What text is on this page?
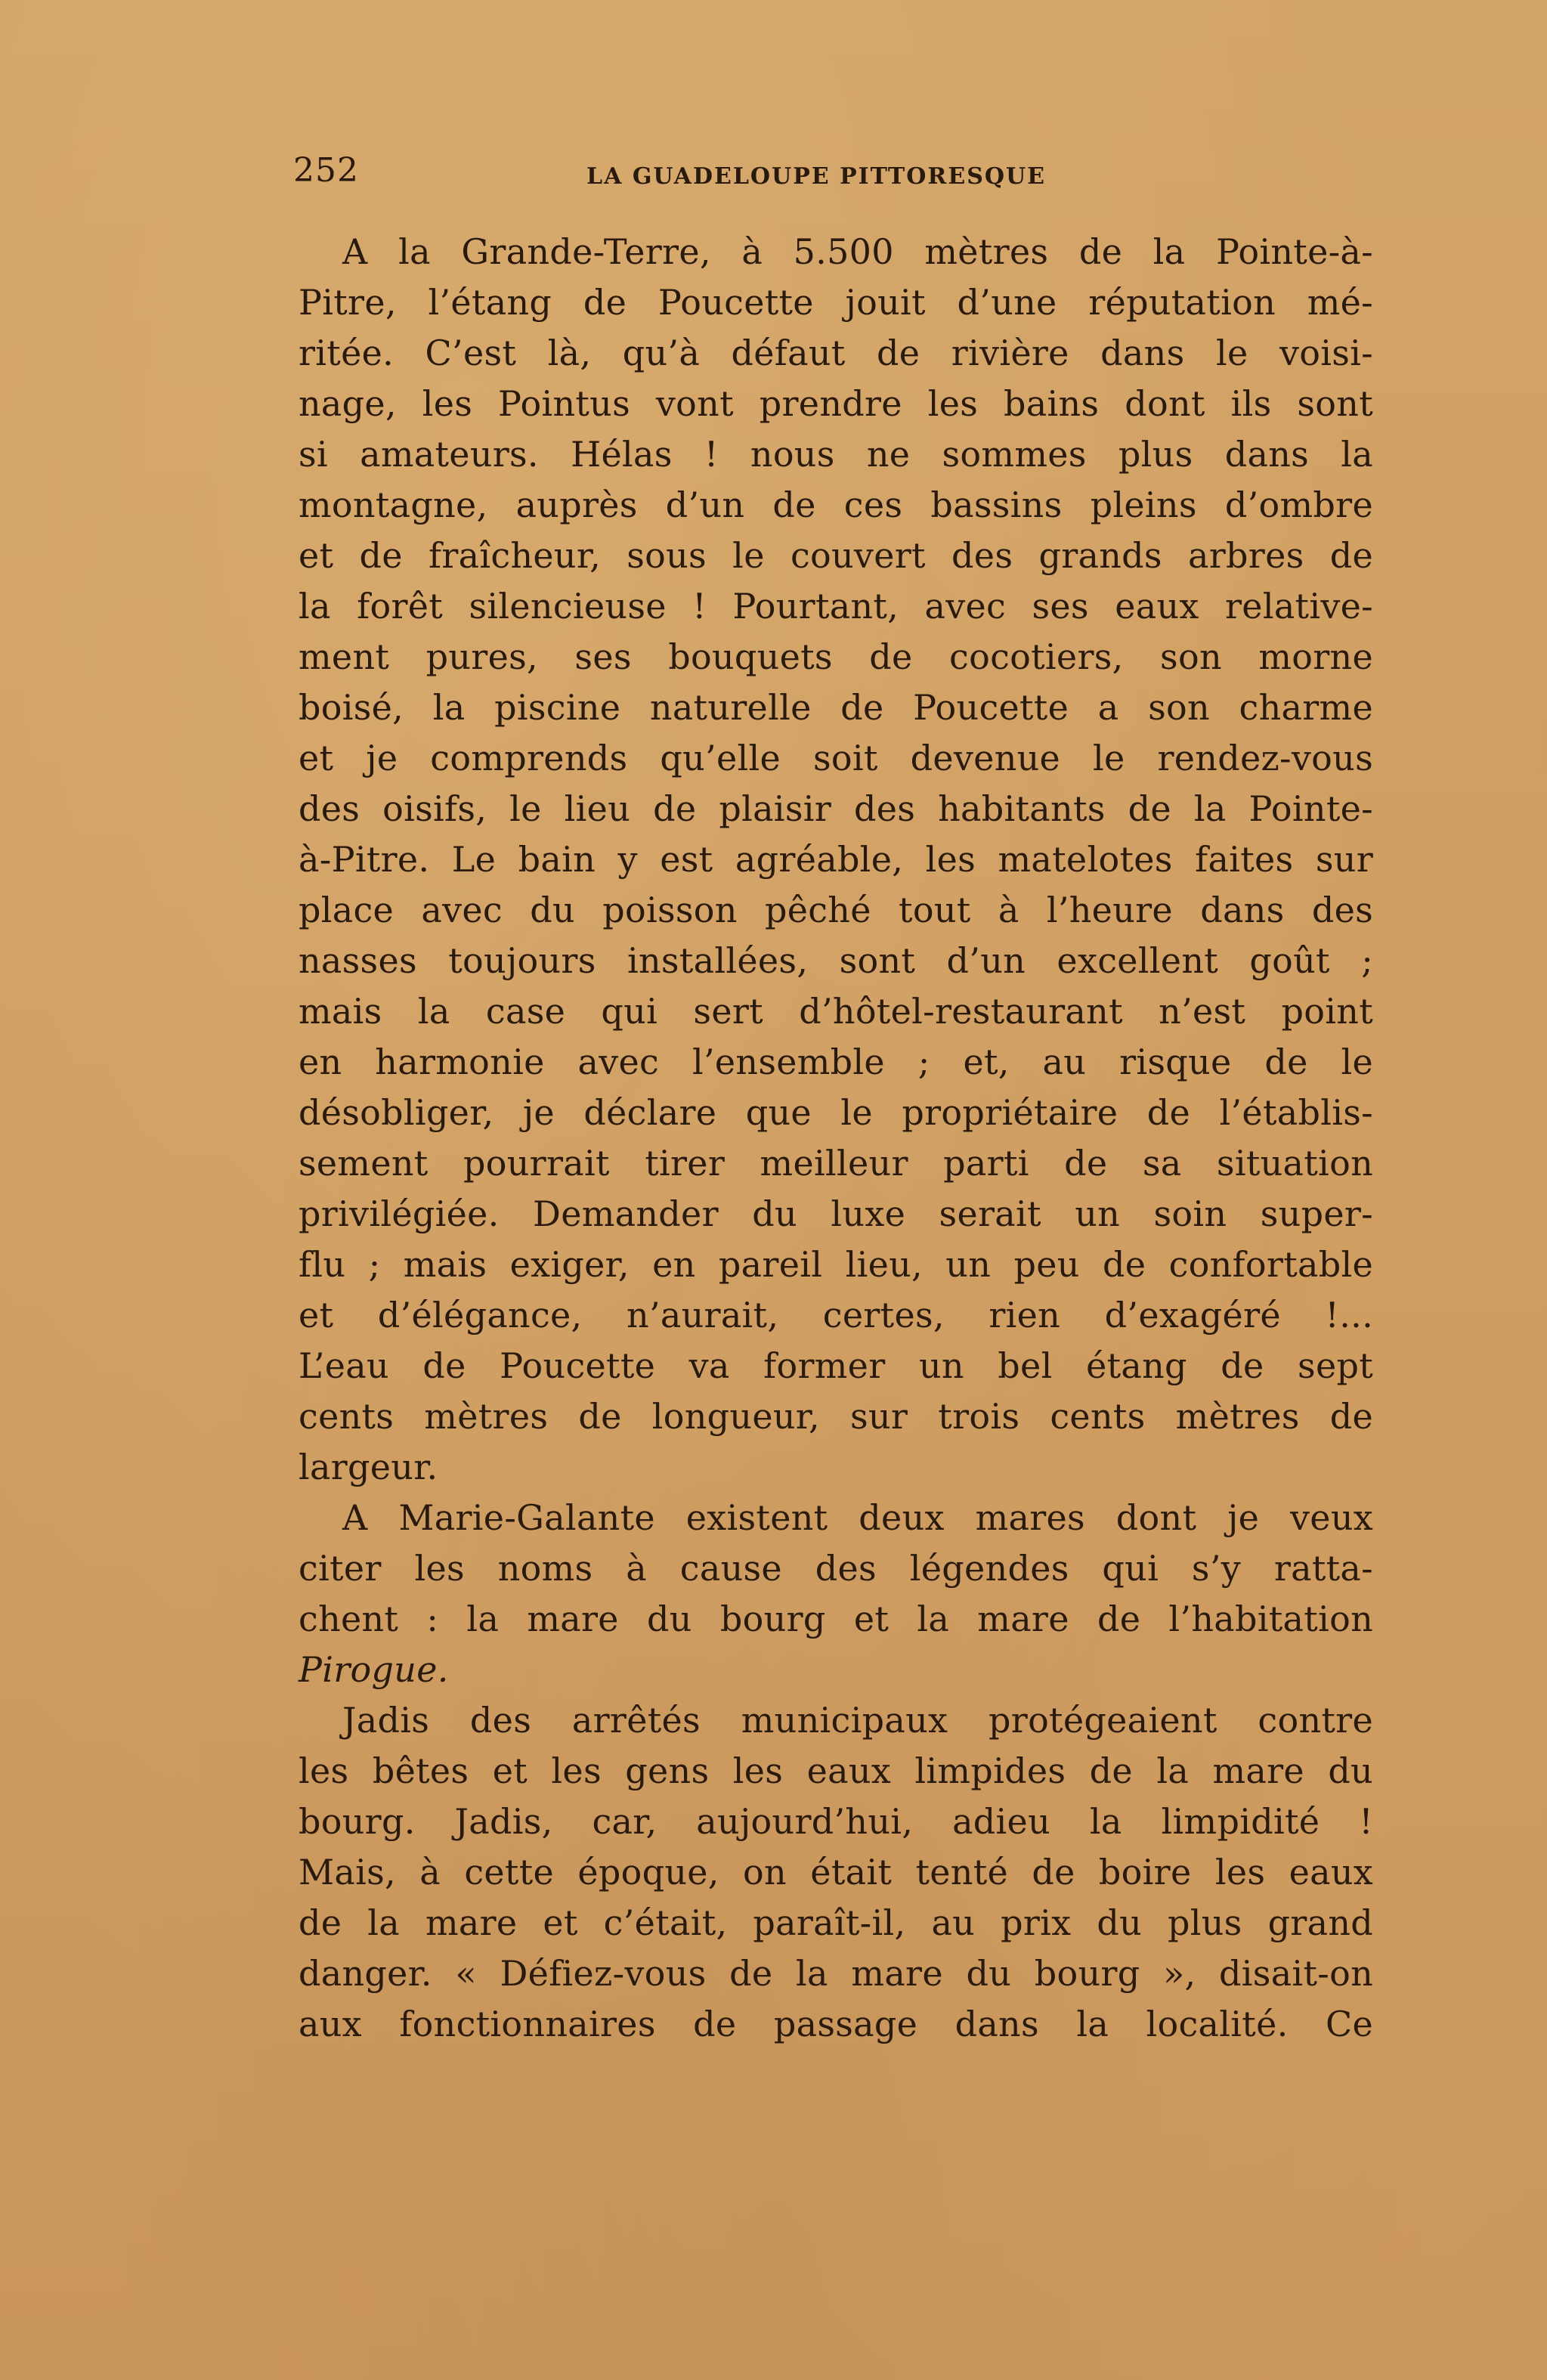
252	LA GUADELOUPE PITTORESQUE
A la Grande-Terre, à 5.500 mètres de la Pointe-à-
Pitre, l’étang de Poucette jouit d’une réputation mé-
ritée. C’est là, qu’à défaut de rivière dans le voisi-
nage, les Pointus vont prendre les bains dont ils sont
si amateurs. Hélas ! nous ne sommes plus dans la
montagne, auprès d’un de ces bassins pleins d’ombre
et de fraîcheur, sous le couvert des grands arbres de
la forêt silencieuse ! Pourtant, avec ses eaux relative-
ment pures, ses bouquets de cocotiers, son morne
boisé, la piscine naturelle de Poucette a son charme
et je comprends qu’elle soit devenue le rendez-vous
des oisifs, le lieu de plaisir des habitants de la Pointe-
à-Pitre. Le bain y est agréable, les matelotes faites sur
place avec du poisson pêché tout à l’heure dans des
nasses toujours installées, sont d’un excellent goût ;
mais la case qui sert d’hôtel-restaurant n’est point
en harmonie avec l’ensemble ; et, au risque de le
désobliger, je déclare que le propriétaire de l’établis-
sement pourrait tirer meilleur parti de sa situation
privilégiée. Demander du luxe serait un soin super-
flu ; mais exiger, en pareil lieu, un peu de confortable
et d’élégance, n’aurait, certes, rien d’exagéré !...
L’eau de Poucette va former un bel étang de sept
cents mètres de longueur, sur trois cents mètres de
largeur.
A Marie-Galante existent deux mares dont je veux
citer les noms à cause des légendes qui s’y ratta-
chent : la mare du bourg et la mare de l’habitation
Pirogue.
Jadis des arrêtés municipaux protégeaient contre
les bêtes et les gens les eaux limpides de la mare du
bourg. Jadis, car, aujourd’hui, adieu la limpidité !
Mais, à cette époque, on était tenté de boire les eaux
de la mare et c’était, paraît-il, au prix du plus grand
danger. « Défiez-vous de la mare du bourg », disait-on
aux fonctionnaires de passage dans la localité. Ce
